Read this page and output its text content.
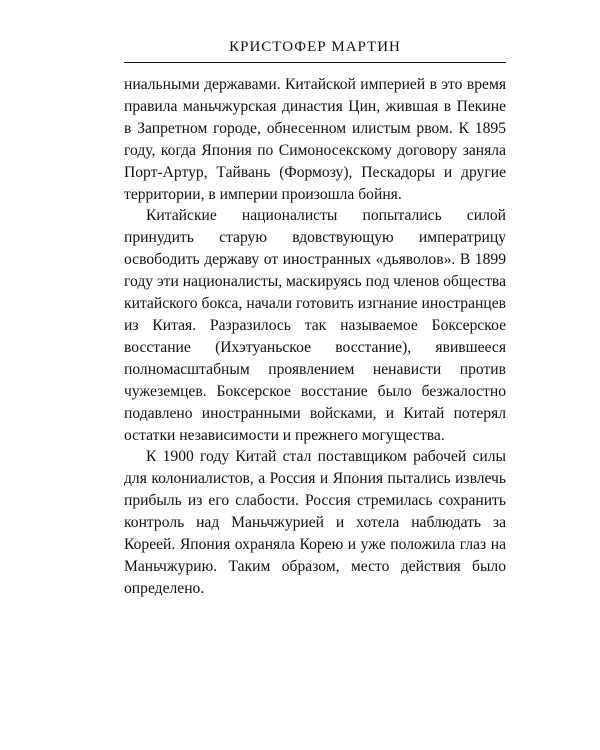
КРИСТОФЕР МАРТИН

ниальными державами. Китайской империей в это время правила маньчжурская династия Цин, жившая в Пекине в Запретном городе, обнесенном илистым рвом. К 1895 году, когда Япония по Симоносекскому договору заняла Порт-Артур, Тайвань (Формозу), Пескадоры и другие территории, в империи произошла бойня.

Китайские националисты попытались силой принудить старую вдовствующую императрицу освободить державу от иностранных «дьяволов». В 1899 году эти националисты, маскируясь под членов общества китайского бокса, начали готовить изгнание иностранцев из Китая. Разразилось так называемое Боксерское восстание (Ихэтуаньское восстание), явившееся полномасштабным проявлением ненависти против чужеземцев. Боксерское восстание было безжалостно подавлено иностранными войсками, и Китай потерял остатки независимости и прежнего могущества.

К 1900 году Китай стал поставщиком рабочей силы для колониалистов, а Россия и Япония пытались извлечь прибыль из его слабости. Россия стремилась сохранить контроль над Маньчжурией и хотела наблюдать за Кореей. Япония охраняла Корею и уже положила глаз на Маньчжурию. Таким образом, место действия было определено.
